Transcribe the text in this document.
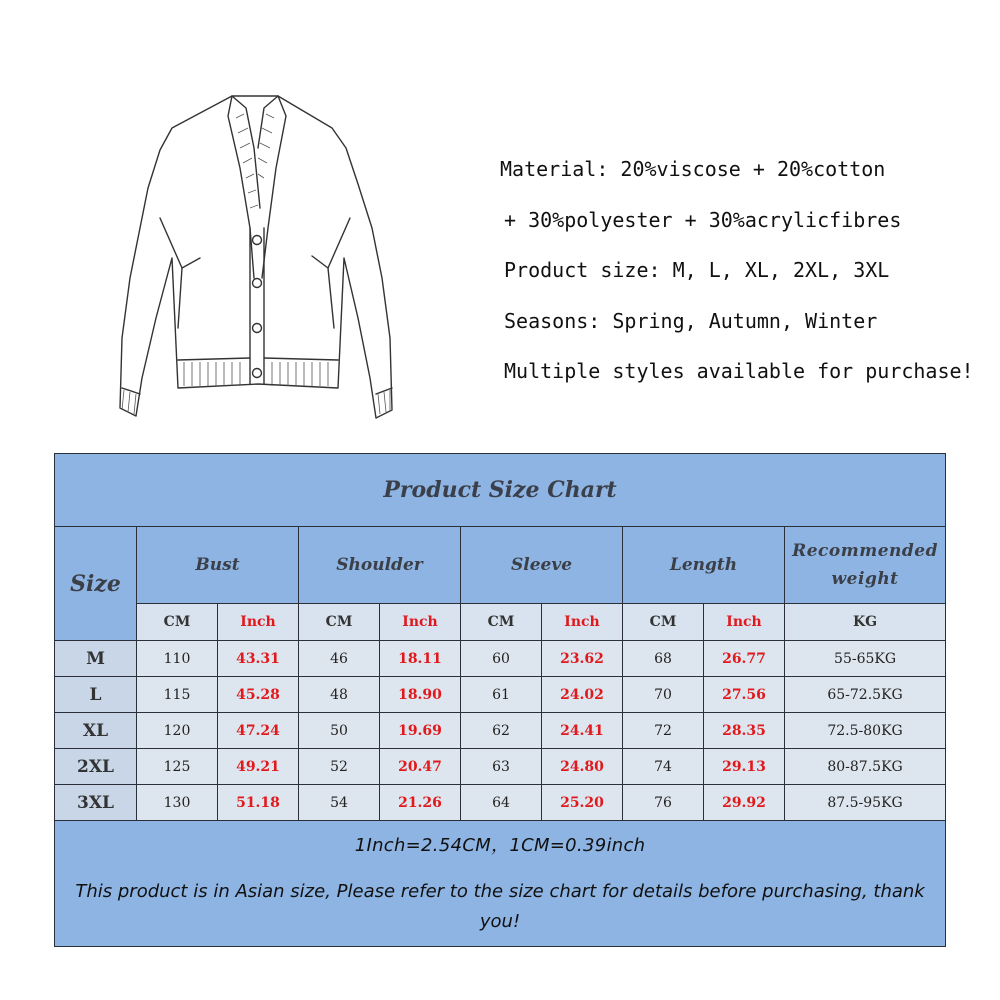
Material: 20%viscose + 20%cotton
+ 30%polyester + 30%acrylicfibres
Product size: M, L, XL, 2XL, 3XL
Seasons: Spring, Autumn, Winter
Multiple styles available for purchase!
Product Size Chart									
Size	Bust		Shoulder		Sleeve		Length		Recommended weight
	CM	Inch	CM	Inch	CM	Inch	CM	Inch	KG
M	110	43.31	46	18.11	60	23.62	68	26.77	55-65KG
L	115	45.28	48	18.90	61	24.02	70	27.56	65-72.5KG
XL	120	47.24	50	19.69	62	24.41	72	28.35	72.5-80KG
2XL	125	49.21	52	20.47	63	24.80	74	29.13	80-87.5KG
3XL	130	51.18	54	21.26	64	25.20	76	29.92	87.5-95KG

1Inch=2.54CM，1CM=0.39inch
This product is in Asian size, Please refer to the size chart for details before purchasing, thank you!									
